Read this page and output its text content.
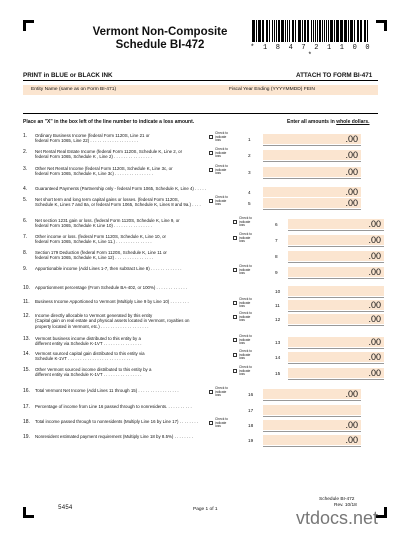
Vermont Non-Composite
Schedule BI-472	* 1 8 4 7 2 1 1 0 0 *
PRINT in BLUE or BLACK INK	ATTACH TO FORM BI-471
Entity Name (same as on Form BI-471)	Fiscal Year Ending (YYYYMMDD) FEIN
Place an "X" in the box left of the line number to indicate a loss amount.	Enter all amounts in whole dollars.
1.	Ordinary Business Income (federal Form 1120S, Line 21 or
federal Form 1065, Line 22) . . . . . . . . . . . . . . . . . . . .
Check to
indicate
loss	1	.00
2.	Net Rental Real Estate Income (federal Form 1120S, Schedule K, Line 2, or
federal Form 1065, Schedule K , Line 2) . . . . . . . . . . . . . . . .
Check to
indicate
loss	2	.00
3.	Other Net Rental Income (federal Form 1120S, Schedule K, Line 3c, or
federal Form 1065, Schedule K, Line 3c) . . . . . . . . . . . . . . . .
Check to
indicate
loss	3	.00
4.	Guaranteed Payments (Partnership only - federal Form 1065, Schedule K, Line 4) . . . . .
4	.00
5.	Net short term and long term capital gains or losses. (federal Form 1120S,
Schedule K, Lines 7 and 8a, or federal Form 1065, Schedule K, Lines 8 and 9a.) . . . .
Check to
indicate
loss	5	.00
6.	Net section 1231 gain or loss. (federal Form 1120S, Schedule K, Line 9, or
federal Form 1065, Schedule K Line 10) . . . . . . . . . . . . . . . .
Check to
indicate
loss	6	.00
7.	Other income or loss. (federal Form 1120S, Schedule K, Line 10, or
federal Form 1065, Schedule K, Line 11.) . . . . . . . . . . . . . . .
Check to
indicate
loss	7	.00
8.	Section 179 Deduction (federal Form 1120S, Schedule K, Line 11 or
federal Form 1065, Schedule K, Line 12) . . . . . . . . . . . . . . . .	8	.00
9.	Apportionable income (Add Lines 1-7, then subtract Line 8) . . . . . . . . . . . . .	Check to
indicate
loss	9	.00
10.	Apportionment percentage (From Schedule BA-402, or 100%) . . . . . . . . . . . . .
10
11.	Business Income Apportioned to Vermont (Multiply Line 9 by Line 10) . . . . . . . .	Check to
indicate
loss	11	.00
12.	Income directly allocable to Vermont generated by this entity
(Capital gain on real estate and physical assets located in Vermont, royalties on
property located in Vermont, etc.) . . . . . . . . . . . . . . . . . . . .
Check to
indicate
loss	12	.00
13.	Vermont business income distributed to this entity by a
different entity via Schedule K-1VT . . . . . . . . . . . . . . . .
Check to
indicate
loss	13	.00
14.	Vermont sourced capital gain distributed to this entity via
Schedule K-1VT . . . . . . . . . . . . . . . . . . . . . . . . . . .
Check to
indicate
loss	14	.00
15.	Other Vermont sourced income distributed to this entity by a
different entity via Schedule K-1VT . . . . . . . . . . . . . . . .
Check to
indicate
loss	15	.00
16.	Total Vermont Net Income (Add Lines 11 through 15) . . . . . . . . . . . . . . . . .	Check to
indicate
loss	16	.00
17.	Percentage of income from Line 16 passed through to nonresidents. . . . . . . . . . .
17
18.	Total income passed through to nonresidents (Multiply Line 16 by Line 17) . . . . . . . .	Check to
indicate
loss	18	.00
19.	Nonresident estimated payment requirement (Multiply Line 18 by 8.5%) . . . . . . . .
19	.00
5454	Page 1 of 1
Schedule BI-472
Rev. 10/18
vtdocs.net
